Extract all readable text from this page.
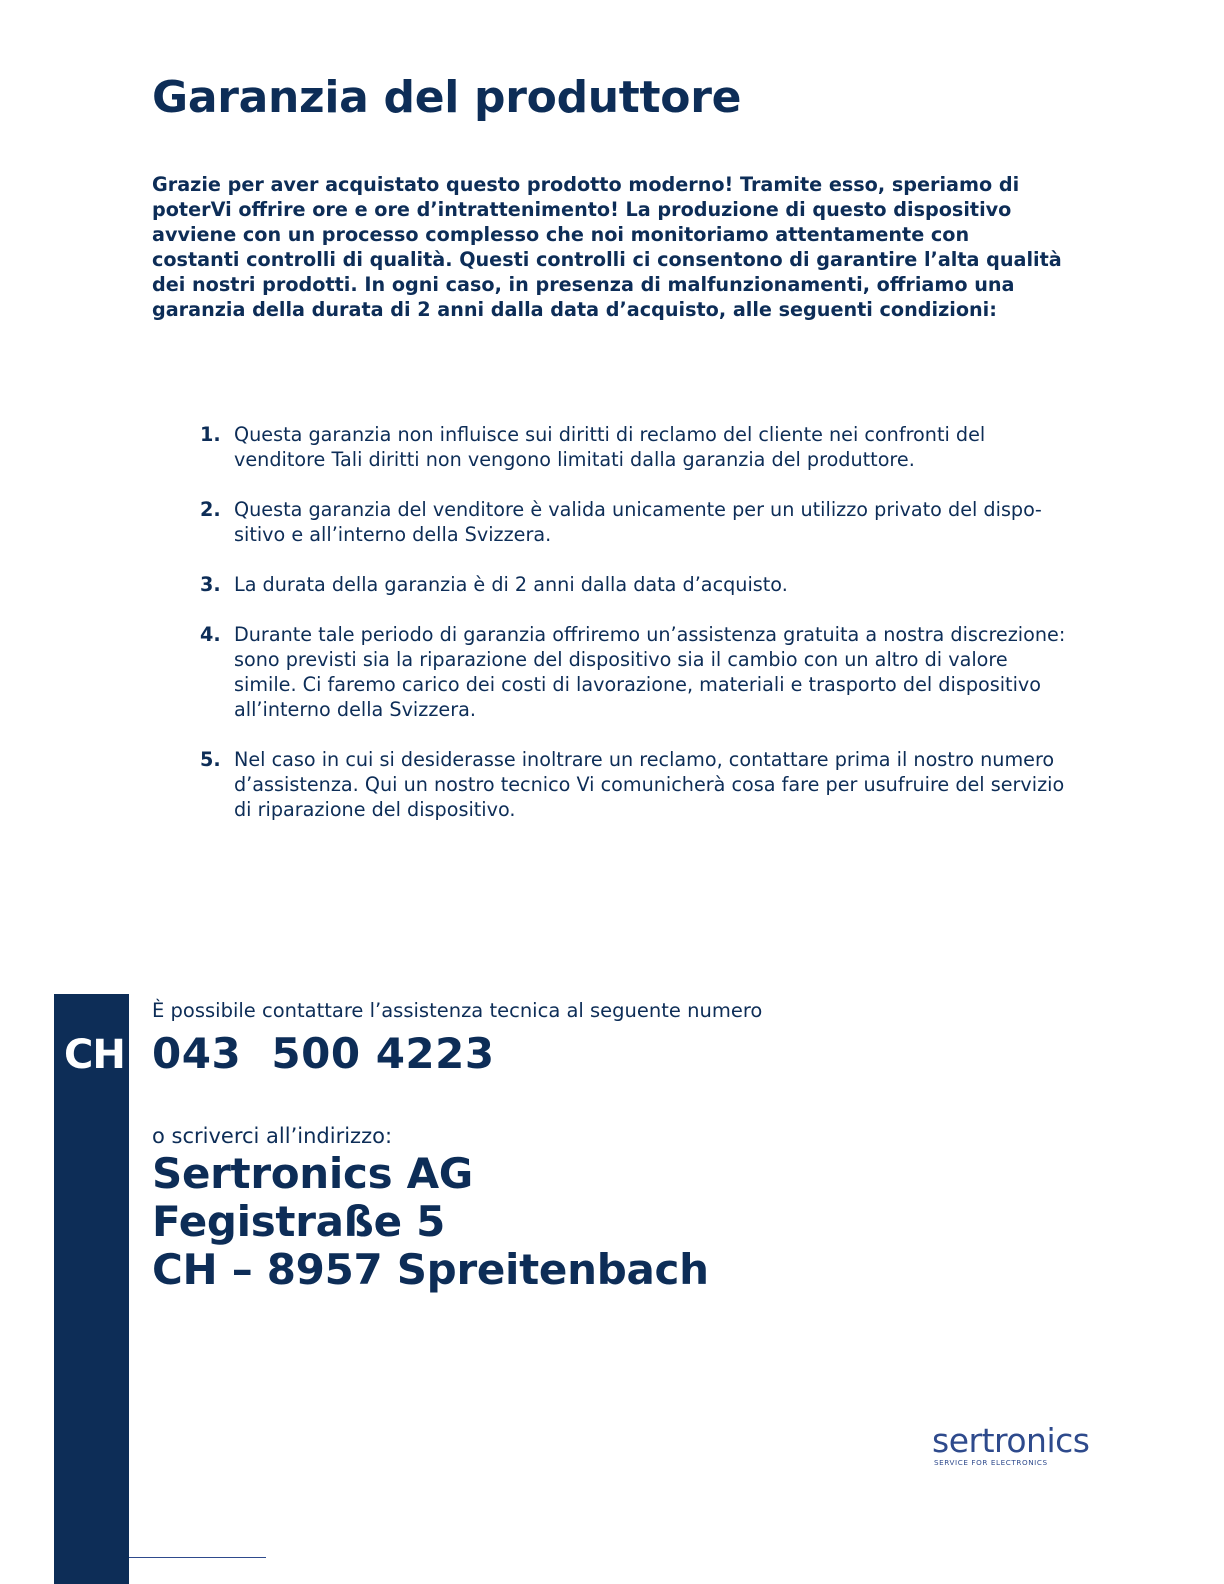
Garanzia del produttore

Grazie per aver acquistato questo prodotto moderno! Tramite esso, speriamo di poterVi offrire ore e ore d’intrattenimento! La produzione di questo dispositivo avviene con un processo complesso che noi monitoriamo attentamente con costanti controlli di qualità. Questi controlli ci consentono di garantire l’alta qualità dei nostri prodotti. In ogni caso, in presenza di malfunzionamenti, offriamo una garanzia della durata di 2 anni dalla data d’acquisto, alle seguenti condizioni:

1. Questa garanzia non influisce sui diritti di reclamo del cliente nei confronti del venditore Tali diritti non vengono limitati dalla garanzia del produttore.
2. Questa garanzia del venditore è valida unicamente per un utilizzo privato del dispositivo e all’interno della Svizzera.
3. La durata della garanzia è di 2 anni dalla data d’acquisto.
4. Durante tale periodo di garanzia offriremo un’assistenza gratuita a nostra discrezione: sono previsti sia la riparazione del dispositivo sia il cambio con un altro di valore simile. Ci faremo carico dei costi di lavorazione, materiali e trasporto del dispositivo all’interno della Svizzera.
5. Nel caso in cui si desiderasse inoltrare un reclamo, contattare prima il nostro numero d’assistenza. Qui un nostro tecnico Vi comunicherà cosa fare per usufruire del servizio di riparazione del dispositivo.
CH

È possibile contattare l’assistenza tecnica al seguente numero

043  500 4223

o scriverci all’indirizzo:

Sertronics AG
Fegistraße 5
CH – 8957 Spreitenbach

sertronics
SERVICE FOR ELECTRONICS
